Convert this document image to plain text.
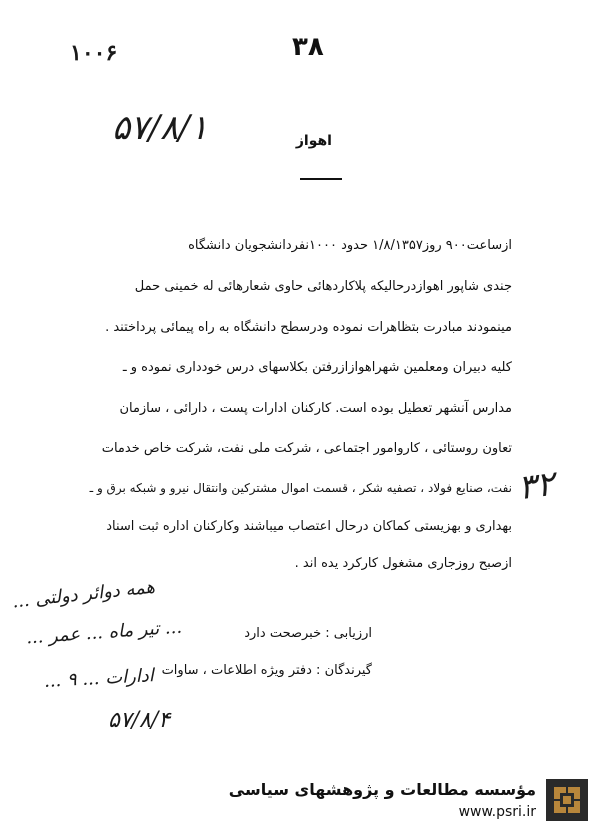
۱۰۰۶	۳۸
۵۷/۸/۱	اهواز
ازساعت۹۰۰ روز۱/۸/۱۳۵۷ حدود ۱۰۰۰نفردانشجویان دانشگاه
جندی شاپور اهوازدرحالیکه پلاکاردهائی حاوی شعارهائی له خمینی حمل
مینمودند مبادرت بتظاهرات نموده ودرسطح دانشگاه به راه پیمائی پرداختند .
کلیه دبیران ومعلمین شهراهوازازرفتن بکلاسهای درس خودداری نموده و ـ
مدارس آنشهر تعطیل بوده است. کارکنان ادارات پست ، دارائی ، سازمان
تعاون روستائی ، کاروامور اجتماعی ، شرکت ملی نفت، شرکت خاص خدمات
نفت، صنایع فولاد ، تصفیه شکر ، قسمت اموال مشترکین وانتقال نیرو و شبکه برق و ـ
بهداری و بهزیستی کماکان درحال اعتصاب میباشند وکارکنان اداره ثبت اسناد
ازصبح روزجاری مشغول کارکرد یده اند .
۳۲
ارزیابی : خبرصحت دارد
گیرندگان : دفتر ویژه اطلاعات ، ساوات
همه دوائر دولتی ...
... تیر ماه ... عمر ...
ادارات ... ۹ ...
۵۷/۸/۴
مؤسسه مطالعات و پژوهشهای سیاسی
www.psri.ir
